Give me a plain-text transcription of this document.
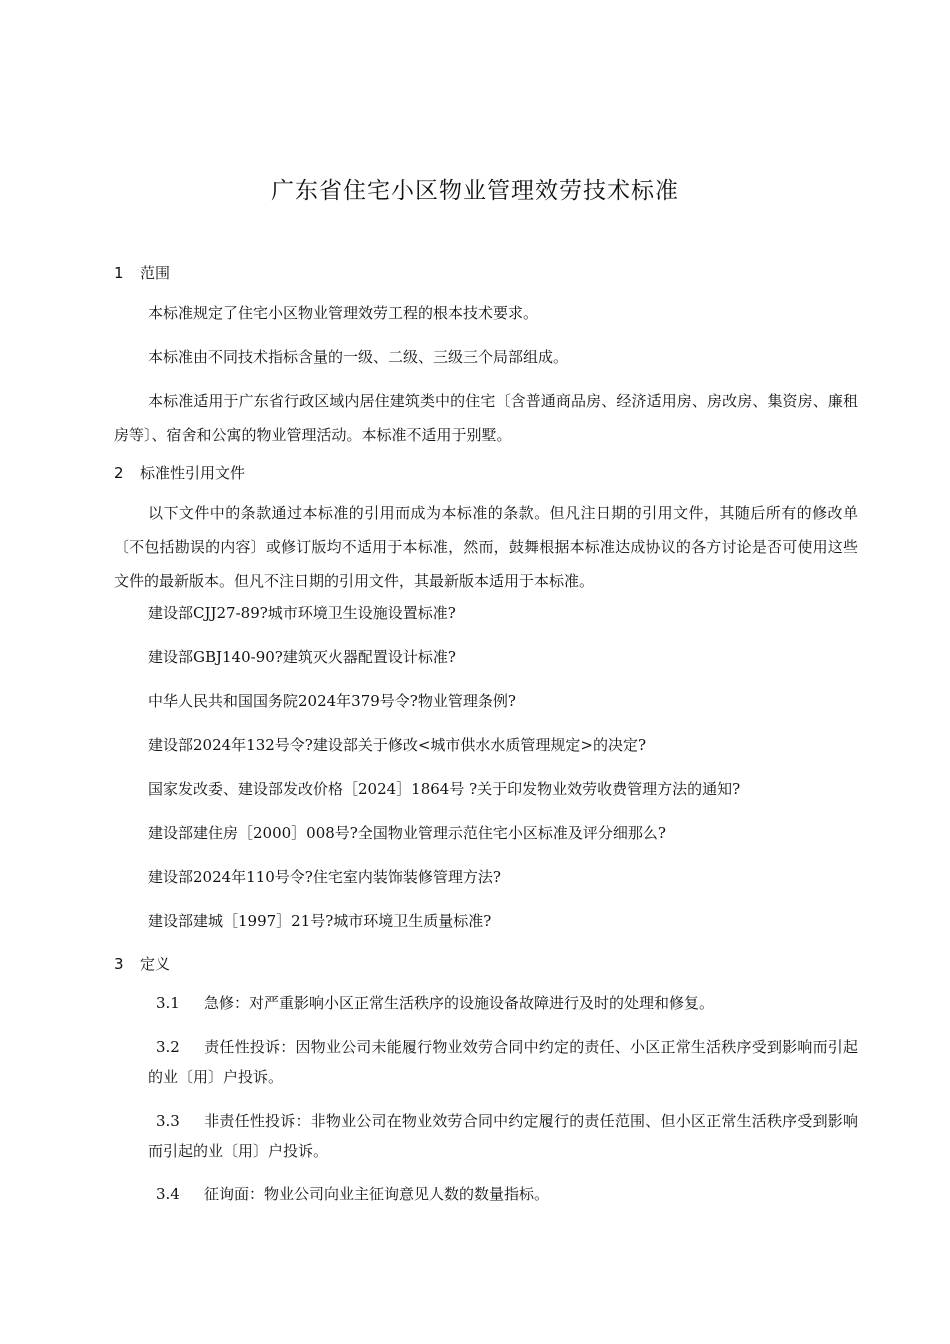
广东省住宅小区物业管理效劳技术标准
1 范围

本标准规定了住宅小区物业管理效劳工程的根本技术要求。

本标准由不同技术指标含量的一级、二级、三级三个局部组成。

本标准适用于广东省行政区域内居住建筑类中的住宅〔含普通商品房、经济适用房、房改房、集资房、廉租房等〕、宿舍和公寓的物业管理活动。本标准不适用于别墅。

2 标准性引用文件

以下文件中的条款通过本标准的引用而成为本标准的条款。但凡注日期的引用文件，其随后所有的修改单〔不包括勘误的内容〕或修订版均不适用于本标准，然而，鼓舞根据本标准达成协议的各方讨论是否可使用这些文件的最新版本。但凡不注日期的引用文件，其最新版本适用于本标准。

建设部CJJ27-89?城市环境卫生设施设置标准?
建设部GBJ140-90?建筑灭火器配置设计标准?
中华人民共和国国务院2024年379号令?物业管理条例?
建设部2024年132号令?建设部关于修改<城市供水水质管理规定>的决定?
国家发改委、建设部发改价格［2024］1864号 ?关于印发物业效劳收费管理方法的通知?
建设部建住房［2000］008号?全国物业管理示范住宅小区标准及评分细那么?
建设部2024年110号令?住宅室内装饰装修管理方法?
建设部建城［1997］21号?城市环境卫生质量标准?
3 定义
3.1 急修：对严重影响小区正常生活秩序的设施设备故障进行及时的处理和修复。
3.2 责任性投诉：因物业公司未能履行物业效劳合同中约定的责任、小区正常生活秩序受到影响而引起的业〔用〕户投诉。
3.3 非责任性投诉：非物业公司在物业效劳合同中约定履行的责任范围、但小区正常生活秩序受到影响而引起的业〔用〕户投诉。
3.4 征询面：物业公司向业主征询意见人数的数量指标。
